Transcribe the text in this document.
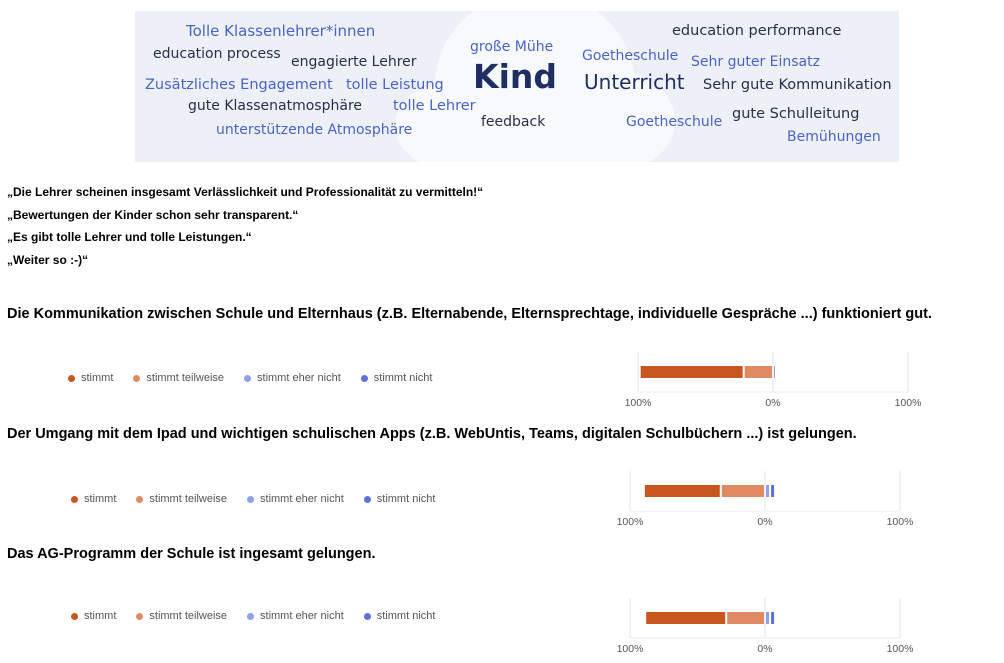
Tolle Klassenlehrer*innen
education process engagierte Lehrer
Zusätzliches Engagement tolle Leistung
gute Klassenatmosphäre tolle Lehrer
unterstützende Atmosphäre
große Mühe
Kind
feedback
Goetheschule
Unterricht
Goetheschule
education performance
Sehr guter Einsatz
Sehr gute Kommunikation
gute Schulleitung
Bemühungen
„Die Lehrer scheinen insgesamt Verlässlichkeit und Professionalität zu vermitteln!“
„Bewertungen der Kinder schon sehr transparent.“
„Es gibt tolle Lehrer und tolle Leistungen.“
„Weiter so :-)“
Die Kommunikation zwischen Schule und Elternhaus (z.B. Elternabende, Elternsprechtage, individuelle Gespräche ...) funktioniert gut.
stimmt	stimmt teilweise	stimmt eher nicht	stimmt nicht
100%	0%	100%
Der Umgang mit dem Ipad und wichtigen schulischen Apps (z.B. WebUntis, Teams, digitalen Schulbüchern ...) ist gelungen.
stimmt	stimmt teilweise	stimmt eher nicht	stimmt nicht
100%	0%	100%
Das AG-Programm der Schule ist ingesamt gelungen.
stimmt	stimmt teilweise	stimmt eher nicht	stimmt nicht
100%	0%	100%
